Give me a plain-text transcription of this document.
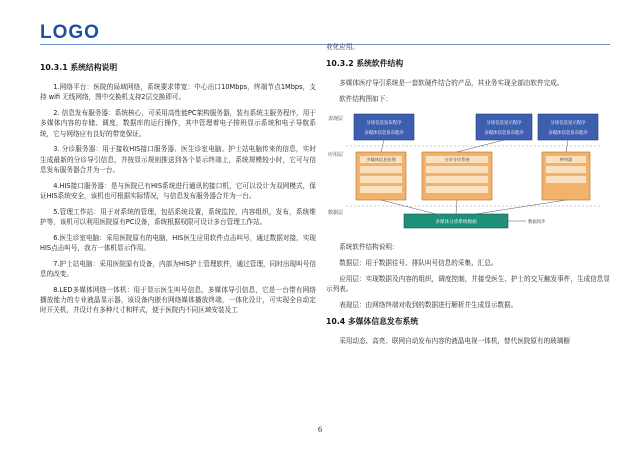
LOGO
10.3.1 系统结构说明

1.网络平台：医院的局域网络，系统要求带宽：中心出口10Mbps，终端节点1Mbps，支持 wifi 无线网络，图中交换机支持2层交换即可。

2. 信息发布服务器：系统核心，可采用高性能PC架构服务器，装有系统主服务程序，用于多媒体内容的存储、调度，数据库的运行操作，其中管理着电子排班显示系统和电子导航系统，它与网络应有良好的带宽保证。

3. 分诊服务器：用于接收HIS接口服务器、医生诊室电脑、护士站电脑传来的信息，实时生成最新的分诊导引信息，并按显示规则推送到各个显示终端上，系统规模较小时，它可与信息发布服务器合并为一台。

4.HIS接口服务器：是与医院已有HIS系统进行通讯的接口机，它可以设计为双网模式，保证HIS系统安全，该机也可根据实际情况，与信息发布服务器合并为一台。

5.管理工作站：用于对系统的管理，包括系统设置，系统监控，内容组织，发布，系统维护等，该机可以利用医院原有PC设备，系统根据权限可设计多台管理工作站。

6.医生诊室电脑：采用医院原有的电脑，HIS医生应用软件点击叫号，通过数据对接，实现HIS点击叫号，我方一体机显示作用。

7.护士站电脑：采用医院原有设备，内部为HIS护士管理软件，通过管理，同时出现叫号信息的改变。

8.LED多媒体网络一体机：用于显示医生叫号信息，多媒体导引信息，它是一台带有网络播放能力的专业液晶显示器，该设备内嵌有网络媒体播放终端，一体化设计，可实现全自动定时开关机，并设计有多种尺寸和样式，便于医院内不同区域安装及工

业化应用。

10.3.2 系统软件结构

多媒体医疗导引系统是一套软硬件结合的产品，其业务实现全部由软件完成。

软件结构图如下：

表现层
应用层
数据层
分诊信息发布程序
多媒体信息发布程序
分诊信息显示程序
多媒体信息发布程序
分诊信息显示程序
多媒体信息发布程序
多媒体信息处理	分诊分诊系统	呼叫器
多媒体分诊系统数据	数据同步

系统软件结构说明：

数据层：用于数据往号、排队叫号信息的采集、汇总。

应用层：实现数据及内容的组织，调度控制，并接受医生、护士的交互触发事件，生成信息显示列表。

表现层：由网络终端对收到的数据进行解析并生成显示数据。

10.4 多媒体信息发布系统

采用动态、高亮、联网自动发布内容的液晶电视一体机，替代医院原有的玻璃橱

6
